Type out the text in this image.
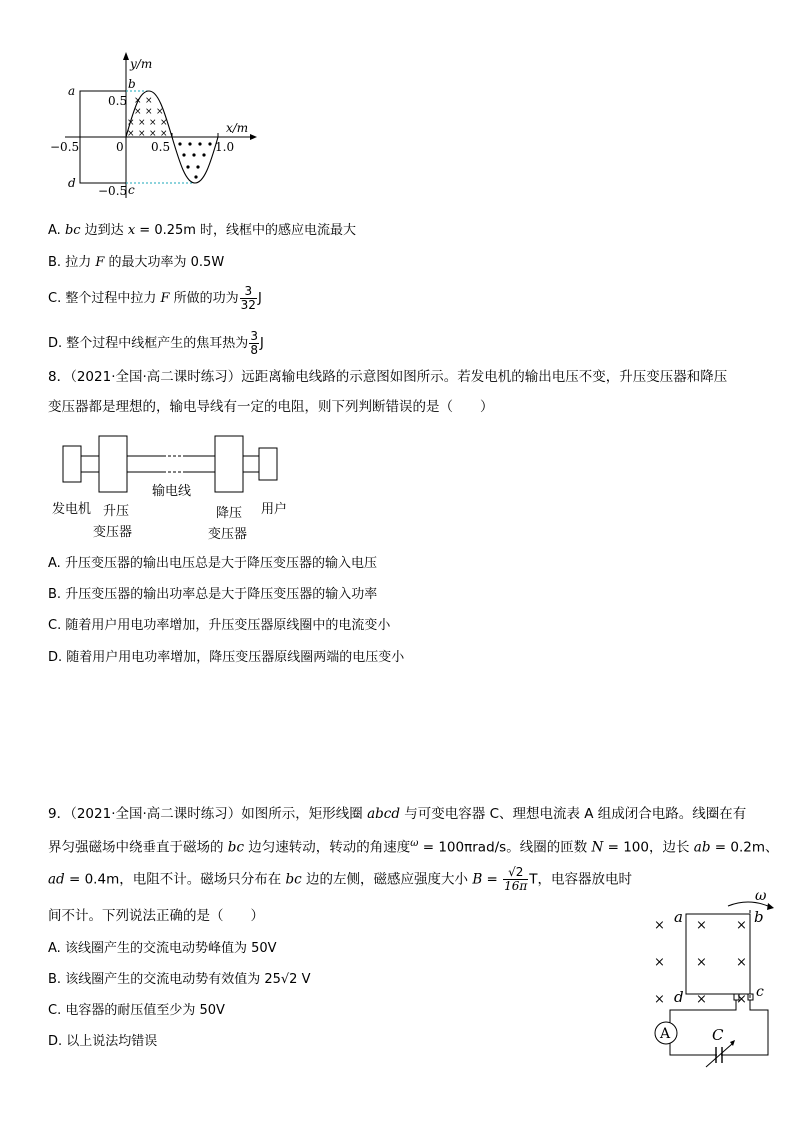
× ×
× × ×
× × × ×
× × × ×
y/m
x/m
a	b
c
d
0.5
−0.5
0 0.5
−0.5	1.0
A. bc 边到达 x = 0.25m 时，线框中的感应电流最大
B. 拉力 F 的最大功率为 0.5W
C. 整个过程中拉力 F 所做的功为 $\frac{3}{32}$ J
D. 整个过程中线框产生的焦耳热为 $\frac{3}{8}$ J
8．（2021·全国·高二课时练习）远距离输电线路的示意图如图所示。若发电机的输出电压不变，升压变压器和降压
变压器都是理想的，输电导线有一定的电阻，则下列判断错误的是（　　）
发电机 升压
变压器
输电线
降压
变压器
用户
A. 升压变压器的输出电压总是大于降压变压器的输入电压
B. 升压变压器的输出功率总是大于降压变压器的输入功率
C. 随着用户用电功率增加，升压变压器原线圈中的电流变小
D. 随着用户用电功率增加，降压变压器原线圈两端的电压变小
9．（2021·全国·高二课时练习）如图所示，矩形线圈 abcd 与可变电容器 C、理想电流表 A 组成闭合电路。线圈在有
界匀强磁场中绕垂直于磁场的 bc 边匀速转动，转动的角速度$^\omega$ = 100πrad/s。线圈的匝数 N = 100，边长 ab = 0.2m、
ad = 0.4m，电阻不计。磁场只分布在 bc 边的左侧，磁感应强度大小 $B = \frac{√2}{16\pi}$ T，电容器放电时
间不计。下列说法正确的是（　　）
A. 该线圈产生的交流电动势峰值为 50V
B. 该线圈产生的交流电动势有效值为 25√2 V
C. 电容器的耐压值至少为 50V
D. 以上说法均错误
× × ×
× × ×
× × ×
a	b
c
d
ω
A	C
